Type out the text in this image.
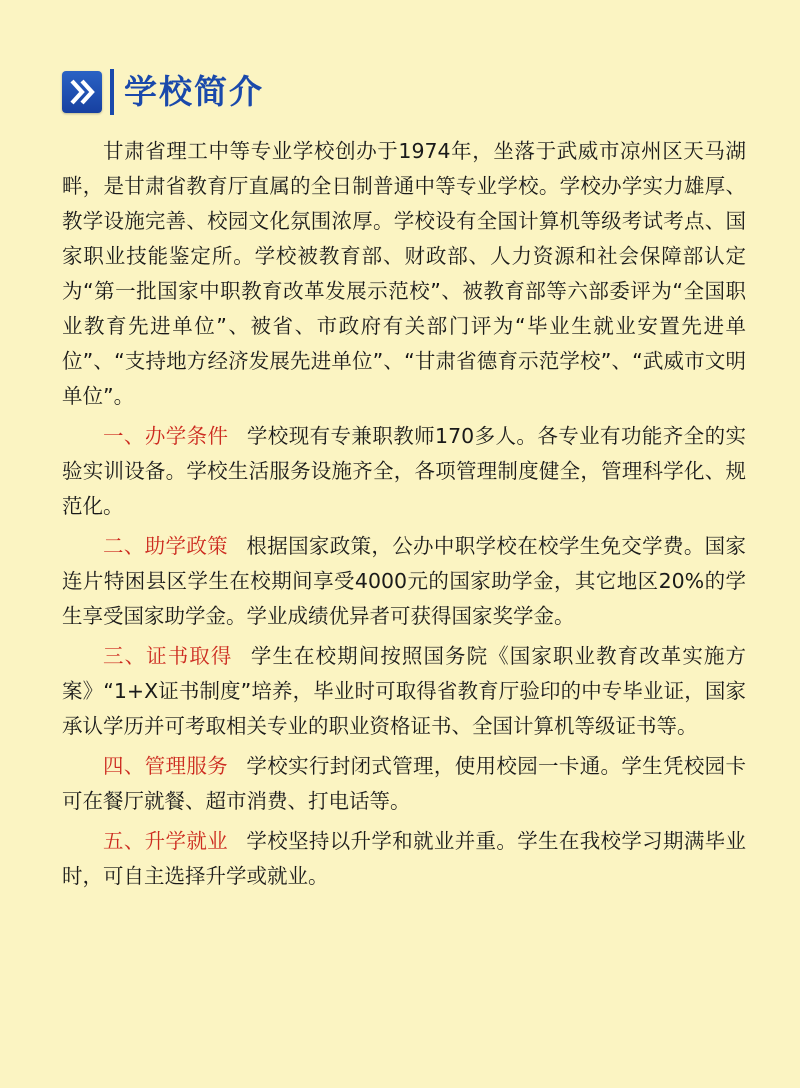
学校简介

甘肃省理工中等专业学校创办于1974年，坐落于武威市凉州区天马湖畔，是甘肃省教育厅直属的全日制普通中等专业学校。学校办学实力雄厚、教学设施完善、校园文化氛围浓厚。学校设有全国计算机等级考试考点、国家职业技能鉴定所。学校被教育部、财政部、人力资源和社会保障部认定为“第一批国家中职教育改革发展示范校”、被教育部等六部委评为“全国职业教育先进单位”、被省、市政府有关部门评为“毕业生就业安置先进单位”、“支持地方经济发展先进单位”、“甘肃省德育示范学校”、“武威市文明单位”。

一、办学条件 学校现有专兼职教师170多人。各专业有功能齐全的实验实训设备。学校生活服务设施齐全，各项管理制度健全，管理科学化、规范化。

二、助学政策 根据国家政策，公办中职学校在校学生免交学费。国家连片特困县区学生在校期间享受4000元的国家助学金，其它地区20%的学生享受国家助学金。学业成绩优异者可获得国家奖学金。

三、证书取得 学生在校期间按照国务院《国家职业教育改革实施方案》“1+X证书制度”培养，毕业时可取得省教育厅验印的中专毕业证，国家承认学历并可考取相关专业的职业资格证书、全国计算机等级证书等。

四、管理服务 学校实行封闭式管理，使用校园一卡通。学生凭校园卡可在餐厅就餐、超市消费、打电话等。

五、升学就业 学校坚持以升学和就业并重。学生在我校学习期满毕业时，可自主选择升学或就业。
